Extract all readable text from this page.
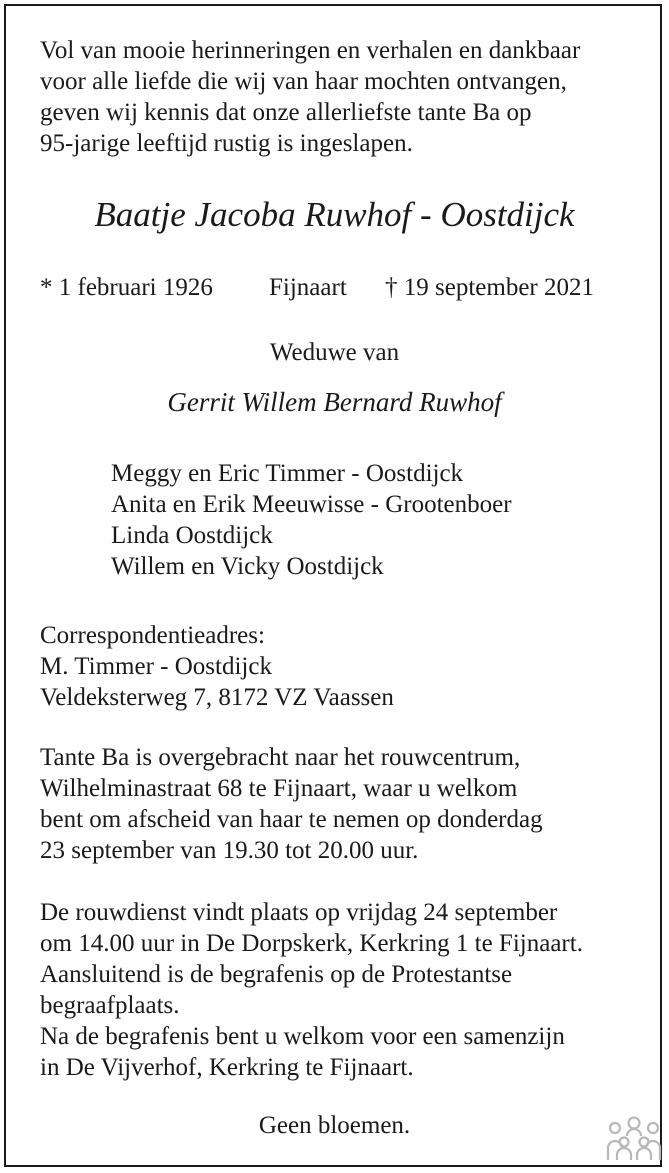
Vol van mooie herinneringen en verhalen en dankbaar

voor alle liefde die wij van haar mochten ontvangen,

geven wij kennis dat onze allerliefste tante Ba op

95-jarige leeftijd rustig is ingeslapen.

Baatje Jacoba Ruwhof - Oostdijck

* 1 februari 1926 Fijnaart † 19 september 2021

Weduwe van

Gerrit Willem Bernard Ruwhof

Meggy en Eric Timmer - Oostdijck

Anita en Erik Meeuwisse - Grootenboer

Linda Oostdijck

Willem en Vicky Oostdijck

Correspondentieadres:

M. Timmer - Oostdijck

Veldeksterweg 7, 8172 VZ Vaassen

Tante Ba is overgebracht naar het rouwcentrum,

Wilhelminastraat 68 te Fijnaart, waar u welkom

bent om afscheid van haar te nemen op donderdag

23 september van 19.30 tot 20.00 uur.

De rouwdienst vindt plaats op vrijdag 24 september

om 14.00 uur in De Dorpskerk, Kerkring 1 te Fijnaart.

Aansluitend is de begrafenis op de Protestantse

begraafplaats.

Na de begrafenis bent u welkom voor een samenzijn

in De Vijverhof, Kerkring te Fijnaart.

Geen bloemen.
